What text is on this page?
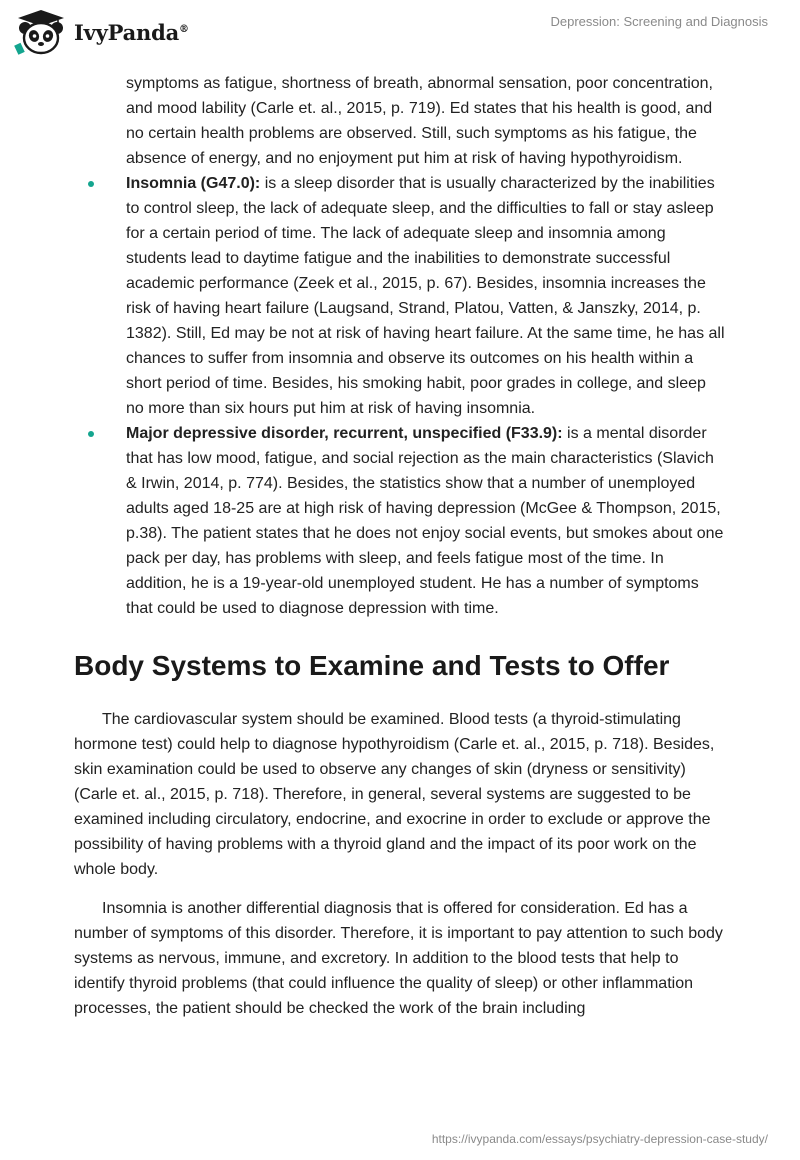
IvyPanda®	Depression: Screening and Diagnosis

symptoms as fatigue, shortness of breath, abnormal sensation, poor concentration, and mood lability (Carle et. al., 2015, p. 719). Ed states that his health is good, and no certain health problems are observed. Still, such symptoms as his fatigue, the absence of energy, and no enjoyment put him at risk of having hypothyroidism.

Insomnia (G47.0): is a sleep disorder that is usually characterized by the inabilities to control sleep, the lack of adequate sleep, and the difficulties to fall or stay asleep for a certain period of time. The lack of adequate sleep and insomnia among students lead to daytime fatigue and the inabilities to demonstrate successful academic performance (Zeek et al., 2015, p. 67). Besides, insomnia increases the risk of having heart failure (Laugsand, Strand, Platou, Vatten, & Janszky, 2014, p. 1382). Still, Ed may be not at risk of having heart failure. At the same time, he has all chances to suffer from insomnia and observe its outcomes on his health within a short period of time. Besides, his smoking habit, poor grades in college, and sleep no more than six hours put him at risk of having insomnia.
Major depressive disorder, recurrent, unspecified (F33.9): is a mental disorder that has low mood, fatigue, and social rejection as the main characteristics (Slavich & Irwin, 2014, p. 774). Besides, the statistics show that a number of unemployed adults aged 18-25 are at high risk of having depression (McGee & Thompson, 2015, p.38). The patient states that he does not enjoy social events, but smokes about one pack per day, has problems with sleep, and feels fatigue most of the time. In addition, he is a 19-year-old unemployed student. He has a number of symptoms that could be used to diagnose depression with time.
Body Systems to Examine and Tests to Offer

The cardiovascular system should be examined. Blood tests (a thyroid-stimulating hormone test) could help to diagnose hypothyroidism (Carle et. al., 2015, p. 718). Besides, skin examination could be used to observe any changes of skin (dryness or sensitivity) (Carle et. al., 2015, p. 718). Therefore, in general, several systems are suggested to be examined including circulatory, endocrine, and exocrine in order to exclude or approve the possibility of having problems with a thyroid gland and the impact of its poor work on the whole body.

Insomnia is another differential diagnosis that is offered for consideration. Ed has a number of symptoms of this disorder. Therefore, it is important to pay attention to such body systems as nervous, immune, and excretory. In addition to the blood tests that help to identify thyroid problems (that could influence the quality of sleep) or other inflammation processes, the patient should be checked the work of the brain including

https://ivypanda.com/essays/psychiatry-depression-case-study/
